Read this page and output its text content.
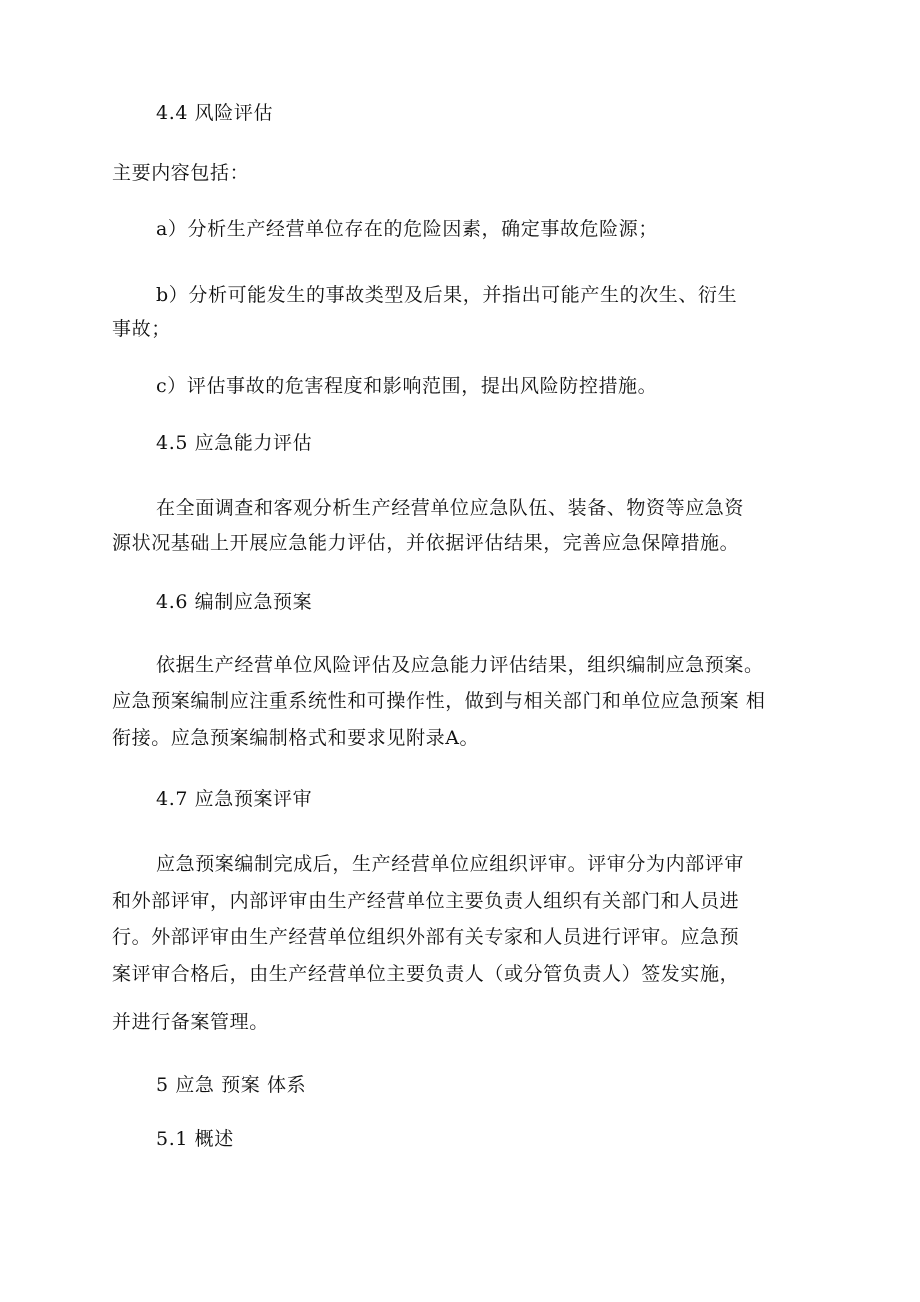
4.4 风险评估
主要内容包括：
a）分析生产经营单位存在的危险因素，确定事故危险源；
b）分析可能发生的事故类型及后果，并指出可能产生的次生、衍生
事故；
c）评估事故的危害程度和影响范围，提出风险防控措施。
4.5 应急能力评估
在全面调查和客观分析生产经营单位应急队伍、装备、物资等应急资
源状况基础上开展应急能力评估，并依据评估结果，完善应急保障措施。
4.6 编制应急预案
依据生产经营单位风险评估及应急能力评估结果，组织编制应急预案。
应急预案编制应注重系统性和可操作性，做到与相关部门和单位应急预案 相
衔接。应急预案编制格式和要求见附录A。
4.7 应急预案评审
应急预案编制完成后，生产经营单位应组织评审。评审分为内部评审
和外部评审，内部评审由生产经营单位主要负责人组织有关部门和人员进
行。外部评审由生产经营单位组织外部有关专家和人员进行评审。应急预
案评审合格后，由生产经营单位主要负责人（或分管负责人）签发实施，
并进行备案管理。
5 应急 预案 体系
5.1 概述
